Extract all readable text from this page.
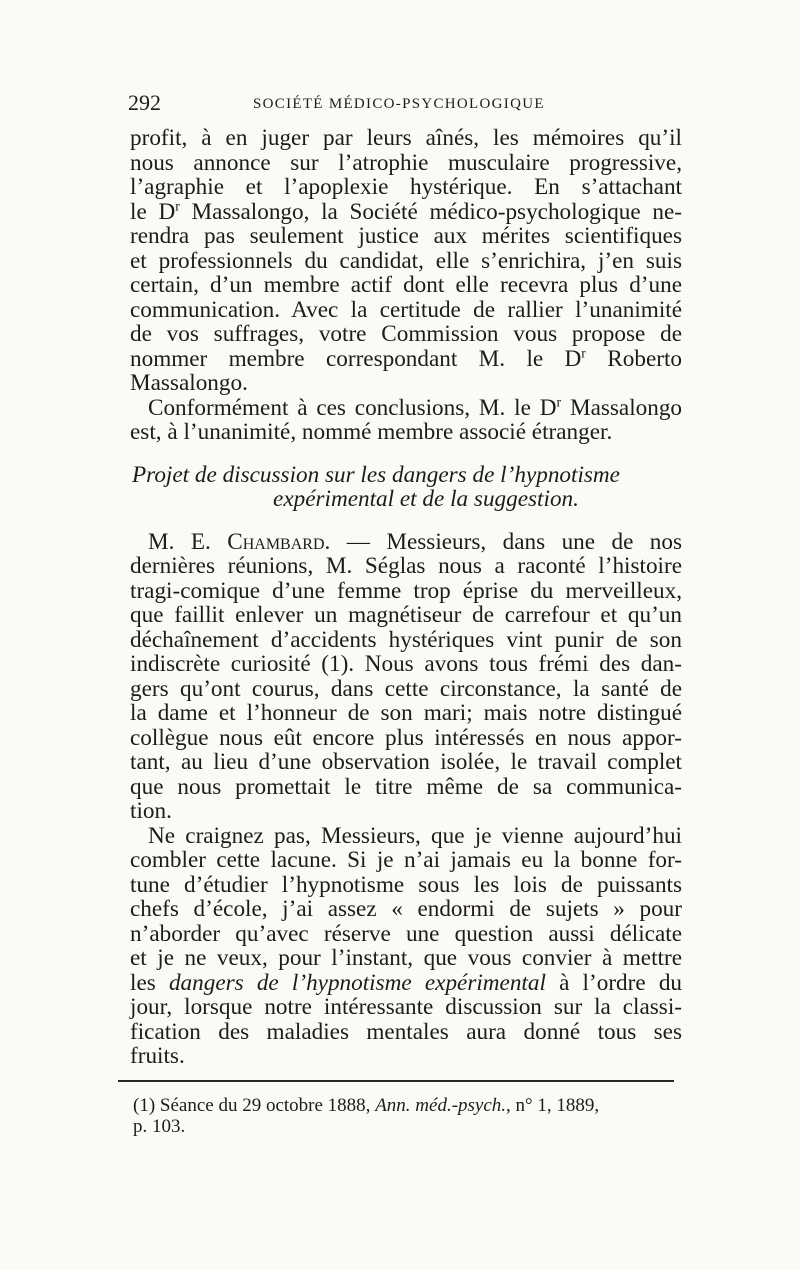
292	SOCIÉTÉ MÉDICO-PSYCHOLOGIQUE
profit, à en juger par leurs aînés, les mémoires qu’il
nous annonce sur l’atrophie musculaire progressive,
l’agraphie et l’apoplexie hystérique. En s’attachant
le $D^r$ Massalongo, la Société médico-psychologique ne-
rendra pas seulement justice aux mérites scientifiques
et professionnels du candidat, elle s’enrichira, j’en suis
certain, d’un membre actif dont elle recevra plus d’une
communication. Avec la certitude de rallier l’unanimité
de vos suffrages, votre Commission vous propose de
nommer membre correspondant M. le $D^r$ Roberto
Massalongo.
Conformément à ces conclusions, M. le $D^r$ Massalongo
est, à l’unanimité, nommé membre associé étranger.
Projet de discussion sur les dangers de l’hypnotisme
expérimental et de la suggestion.
M. E. Chambard. — Messieurs, dans une de nos
dernières réunions, M. Séglas nous a raconté l’histoire
tragi-comique d’une femme trop éprise du merveilleux,
que faillit enlever un magnétiseur de carrefour et qu’un
déchaînement d’accidents hystériques vint punir de son
indiscrète curiosité (1). Nous avons tous frémi des dan-
gers qu’ont courus, dans cette circonstance, la santé de
la dame et l’honneur de son mari; mais notre distingué
collègue nous eût encore plus intéressés en nous appor-
tant, au lieu d’une observation isolée, le travail complet
que nous promettait le titre même de sa communica-
tion.
Ne craignez pas, Messieurs, que je vienne aujourd’hui
combler cette lacune. Si je n’ai jamais eu la bonne for-
tune d’étudier l’hypnotisme sous les lois de puissants
chefs d’école, j’ai assez « endormi de sujets » pour
n’aborder qu’avec réserve une question aussi délicate
et je ne veux, pour l’instant, que vous convier à mettre
les dangers de l’hypnotisme expérimental à l’ordre du
jour, lorsque notre intéressante discussion sur la classi-
fication des maladies mentales aura donné tous ses
fruits.
(1) Séance du 29 octobre 1888, Ann. méd.-psych., n° 1, 1889,
p. 103.
